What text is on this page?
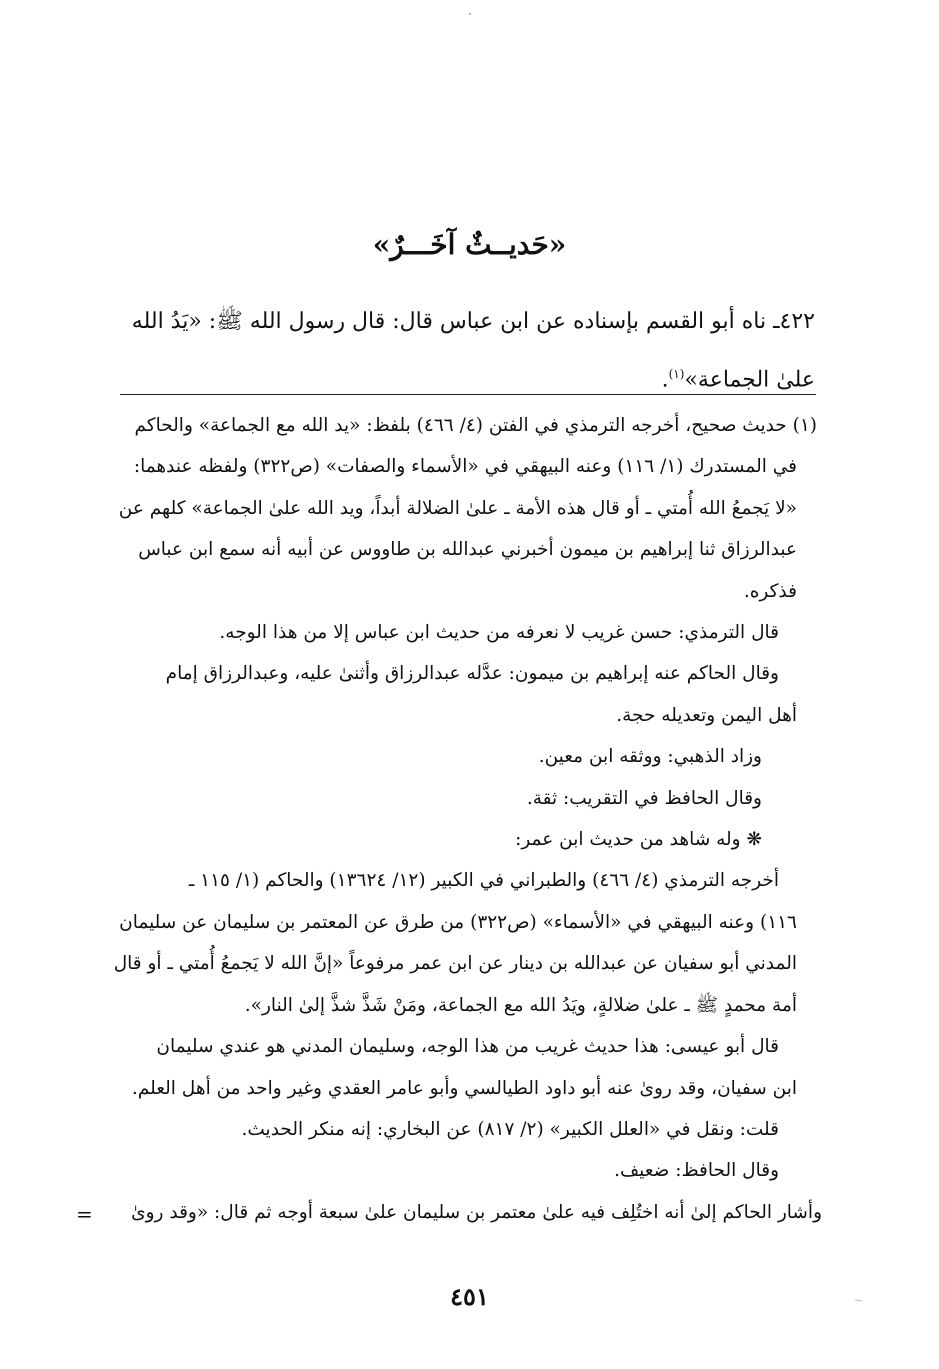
«حَديــثٌ آخَـــرٌ»
٤٢٢ـ ناه أبو القسم بإسناده عن ابن عباس قال: قال رسول الله ﷺ: «يَدُ الله
علىٰ الجماعة»$^{(١)}$.
(١) حديث صحيح، أخرجه الترمذي في الفتن (٤/ ٤٦٦) بلفظ: «يد الله مع الجماعة» والحاكم
في المستدرك (١/ ١١٦) وعنه البيهقي في «الأسماء والصفات» (ص٣٢٢) ولفظه عندهما:
«لا يَجمعُ الله أُمتي ـ أو قال هذه الأمة ـ علىٰ الضلالة أبداً، ويد الله علىٰ الجماعة» كلهم عن
عبدالرزاق ثنا إبراهيم بن ميمون أخبرني عبدالله بن طاووس عن أبيه أنه سمع ابن عباس
فذكره.
قال الترمذي: حسن غريب لا نعرفه من حديث ابن عباس إلا من هذا الوجه.
وقال الحاكم عنه إبراهيم بن ميمون: عدَّله عبدالرزاق وأثنىٰ عليه، وعبدالرزاق إمام
أهل اليمن وتعديله حجة.
وزاد الذهبي: ووثقه ابن معين.
وقال الحافظ في التقريب: ثقة.
❋ وله شاهد من حديث ابن عمر:
أخرجه الترمذي (٤/ ٤٦٦) والطبراني في الكبير (١٢/ ١٣٦٢٤) والحاكم (١/ ١١٥ ـ
١١٦) وعنه البيهقي في «الأسماء» (ص٣٢٢) من طرق عن المعتمر بن سليمان عن سليمان
المدني أبو سفيان عن عبدالله بن دينار عن ابن عمر مرفوعاً «إنَّ الله لا يَجمعُ أُمتي ـ أو قال
أمة محمدٍ ﷺ ـ علىٰ ضلالةٍ، ويَدُ الله مع الجماعة، ومَنْ شَذَّ شذَّ إلىٰ النار».
قال أبو عيسى: هذا حديث غريب من هذا الوجه، وسليمان المدني هو عندي سليمان
ابن سفيان، وقد روىٰ عنه أبو داود الطيالسي وأبو عامر العقدي وغير واحد من أهل العلم.
قلت: ونقل في «العلل الكبير» (٢/ ٨١٧) عن البخاري: إنه منكر الحديث.
وقال الحافظ: ضعيف.
وأشار الحاكم إلىٰ أنه اختُلِف فيه علىٰ معتمر بن سليمان علىٰ سبعة أوجه ثم قال: «وقد روىٰ
=
٤٥١
